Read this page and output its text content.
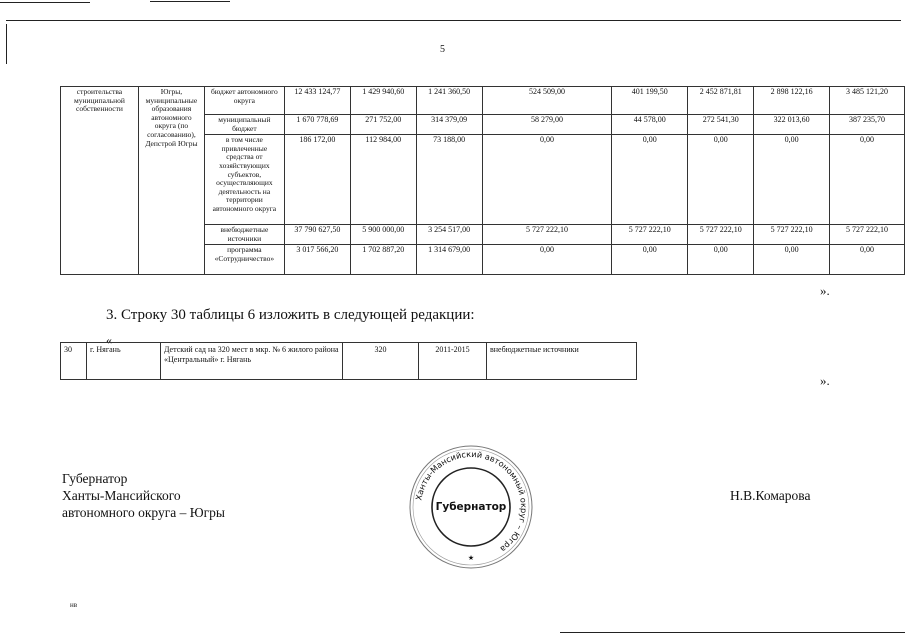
5
строительства муниципальной собственности	Югры, муниципальные образования автономного округа (по согласованию), Депстрой Югры	бюджет автономного округа	12 433 124,77	1 429 940,60	1 241 360,50	524 509,00	401 199,50	2 452 871,81	2 898 122,16	3 485 121,20
		муниципальный бюджет	1 670 778,69	271 752,00	314 379,09	58 279,00	44 578,00	272 541,30	322 013,60	387 235,70
		в том числе привлеченные средства от хозяйствующих субъектов, осуществляющих деятельность на территории автономного округа	186 172,00	112 984,00	73 188,00	0,00	0,00	0,00	0,00	0,00
		внебюджетные источники	37 790 627,50	5 900 000,00	3 254 517,00	5 727 222,10	5 727 222,10	5 727 222,10	5 727 222,10	5 727 222,10
		программа «Сотрудничество»	3 017 566,20	1 702 887,20	1 314 679,00	0,00	0,00	0,00	0,00	0,00
».
3. Строку 30 таблицы 6 изложить в следующей редакции:
«
30	г. Нягань	Детский сад на 320 мест в мкр. № 6 жилого района «Центральный» г. Нягань	320	2011-2015	внебюджетные источники
».
Губернатор
Ханты-Мансийского
автономного округа – Югры
Н.В.Комарова
Ханты-Мансийский автономный округ – Югра
Губернатор
★
нв
